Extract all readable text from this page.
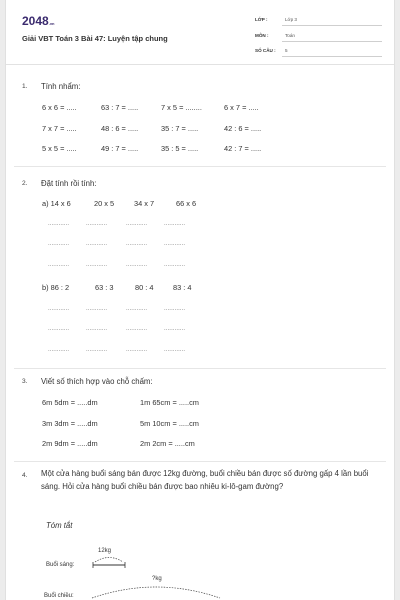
2048.vn
Giải VBT Toán 3 Bài 47: Luyện tập chung
LỚP :	Lớp 3
MÔN :	Toán
SỐ CÂU : 5
1. Tính nhẩm:
6 x 6 = .....	63 : 7 = .....	7 x 5 = ........	6 x 7 = .....
7 x 7 = .....	48 : 6 = .....	35 : 7 = .....	42 : 6 = .....
5 x 5 = .....	49 : 7 = .....	35 : 5 = .....	42 : 7 = .....
2. Đặt tính rồi tính:
a) 14 x 6	20 x 5	34 x 7	66 x 6
............	............	............	............
............	............	............	............
............	............	............	............
b) 86 : 2	63 : 3	80 : 4	83 : 4
............	............	............	............
............	............	............	............
............	............	............	............
3. Viết số thích hợp vào chỗ chấm:
6m 5dm = .....dm	1m 65cm = .....cm
3m 3dm = .....dm	5m 10cm = .....cm
2m 9dm = .....dm	2m 2cm = .....cm
4. Một cửa hàng buổi sáng bán được 12kg đường, buổi chiều bán được số đường gấp 4 lần buổi sáng. Hỏi cửa hàng buổi chiều bán được bao nhiêu ki-lô-gam đường?
Tóm tắt
12kg
Buổi sáng:
?kg
Buổi chiều:
